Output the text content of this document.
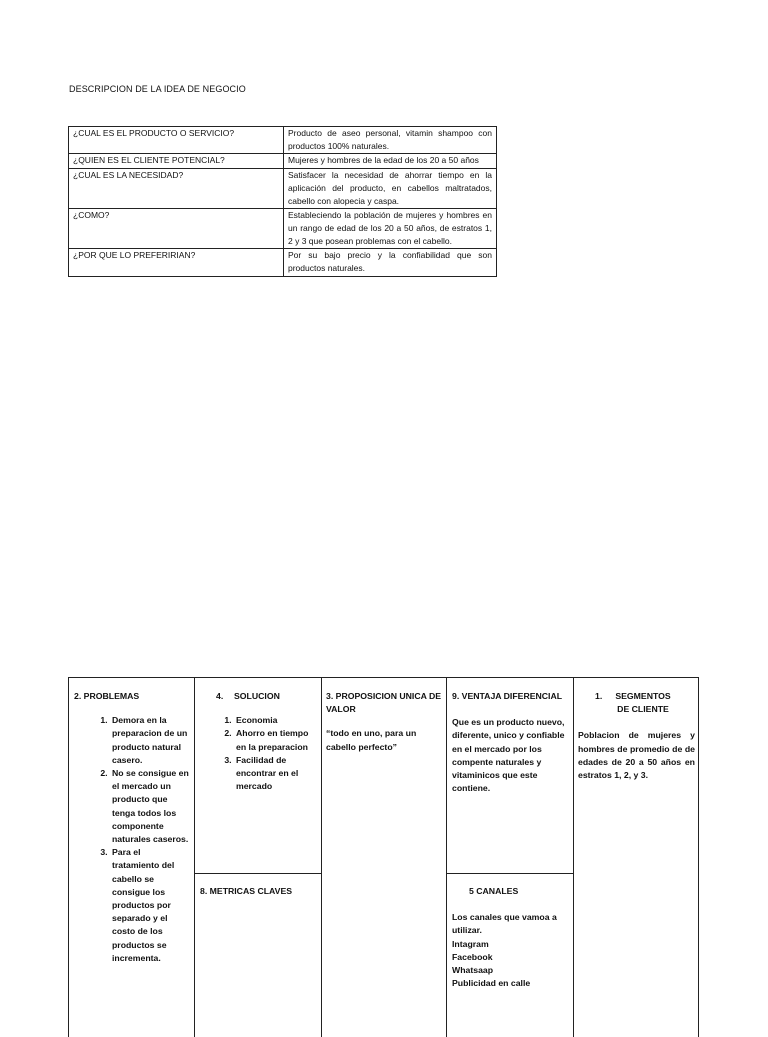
DESCRIPCION DE LA IDEA DE NEGOCIO
¿CUAL ES EL PRODUCTO O SERVICIO?	Producto de aseo personal, vitamin shampoo con productos 100% naturales.
¿QUIEN ES EL CLIENTE POTENCIAL?	Mujeres y hombres de la edad de los 20 a 50 años
¿CUAL ES LA NECESIDAD?	Satisfacer la necesidad de ahorrar tiempo en la aplicación del producto, en cabellos maltratados, cabello con alopecia y caspa.
¿COMO?	Estableciendo la población de mujeres y hombres en un rango de edad de los 20 a 50 años, de estratos 1, 2 y 3 que posean problemas con el cabello.
¿POR QUE LO PREFERIRIAN?	Por su bajo precio y la confiabilidad que son productos naturales.
2. PROBLEMAS
1. Demora en la preparacion de un producto natural casero.
2. No se consigue en el mercado un producto que tenga todos los componente naturales caseros.
3. Para el tratamiento del cabello se consigue los productos por separado y el costo de los productos se incrementa.
4. SOLUCION
1. Economia
2. Ahorro en tiempo en la preparacion
3. Facilidad de encontrar en el mercado
8. METRICAS CLAVES
3. PROPOSICION UNICA DE VALOR

“todo en uno, para un cabello perfecto”

9. VENTAJA DIFERENCIAL

Que es un producto nuevo, diferente, unico y confiable en el mercado por los compente naturales y vitaminicos que este contiene.

5 CANALES

Los canales que vamoa a utilizar.

Intagram

Facebook

Whatsaap

Publicidad en calle

1.	SEGMENTOS DE CLIENTE

Poblacion de mujeres y hombres de promedio de de edades de 20 a 50 años en estratos 1, 2, y 3.
